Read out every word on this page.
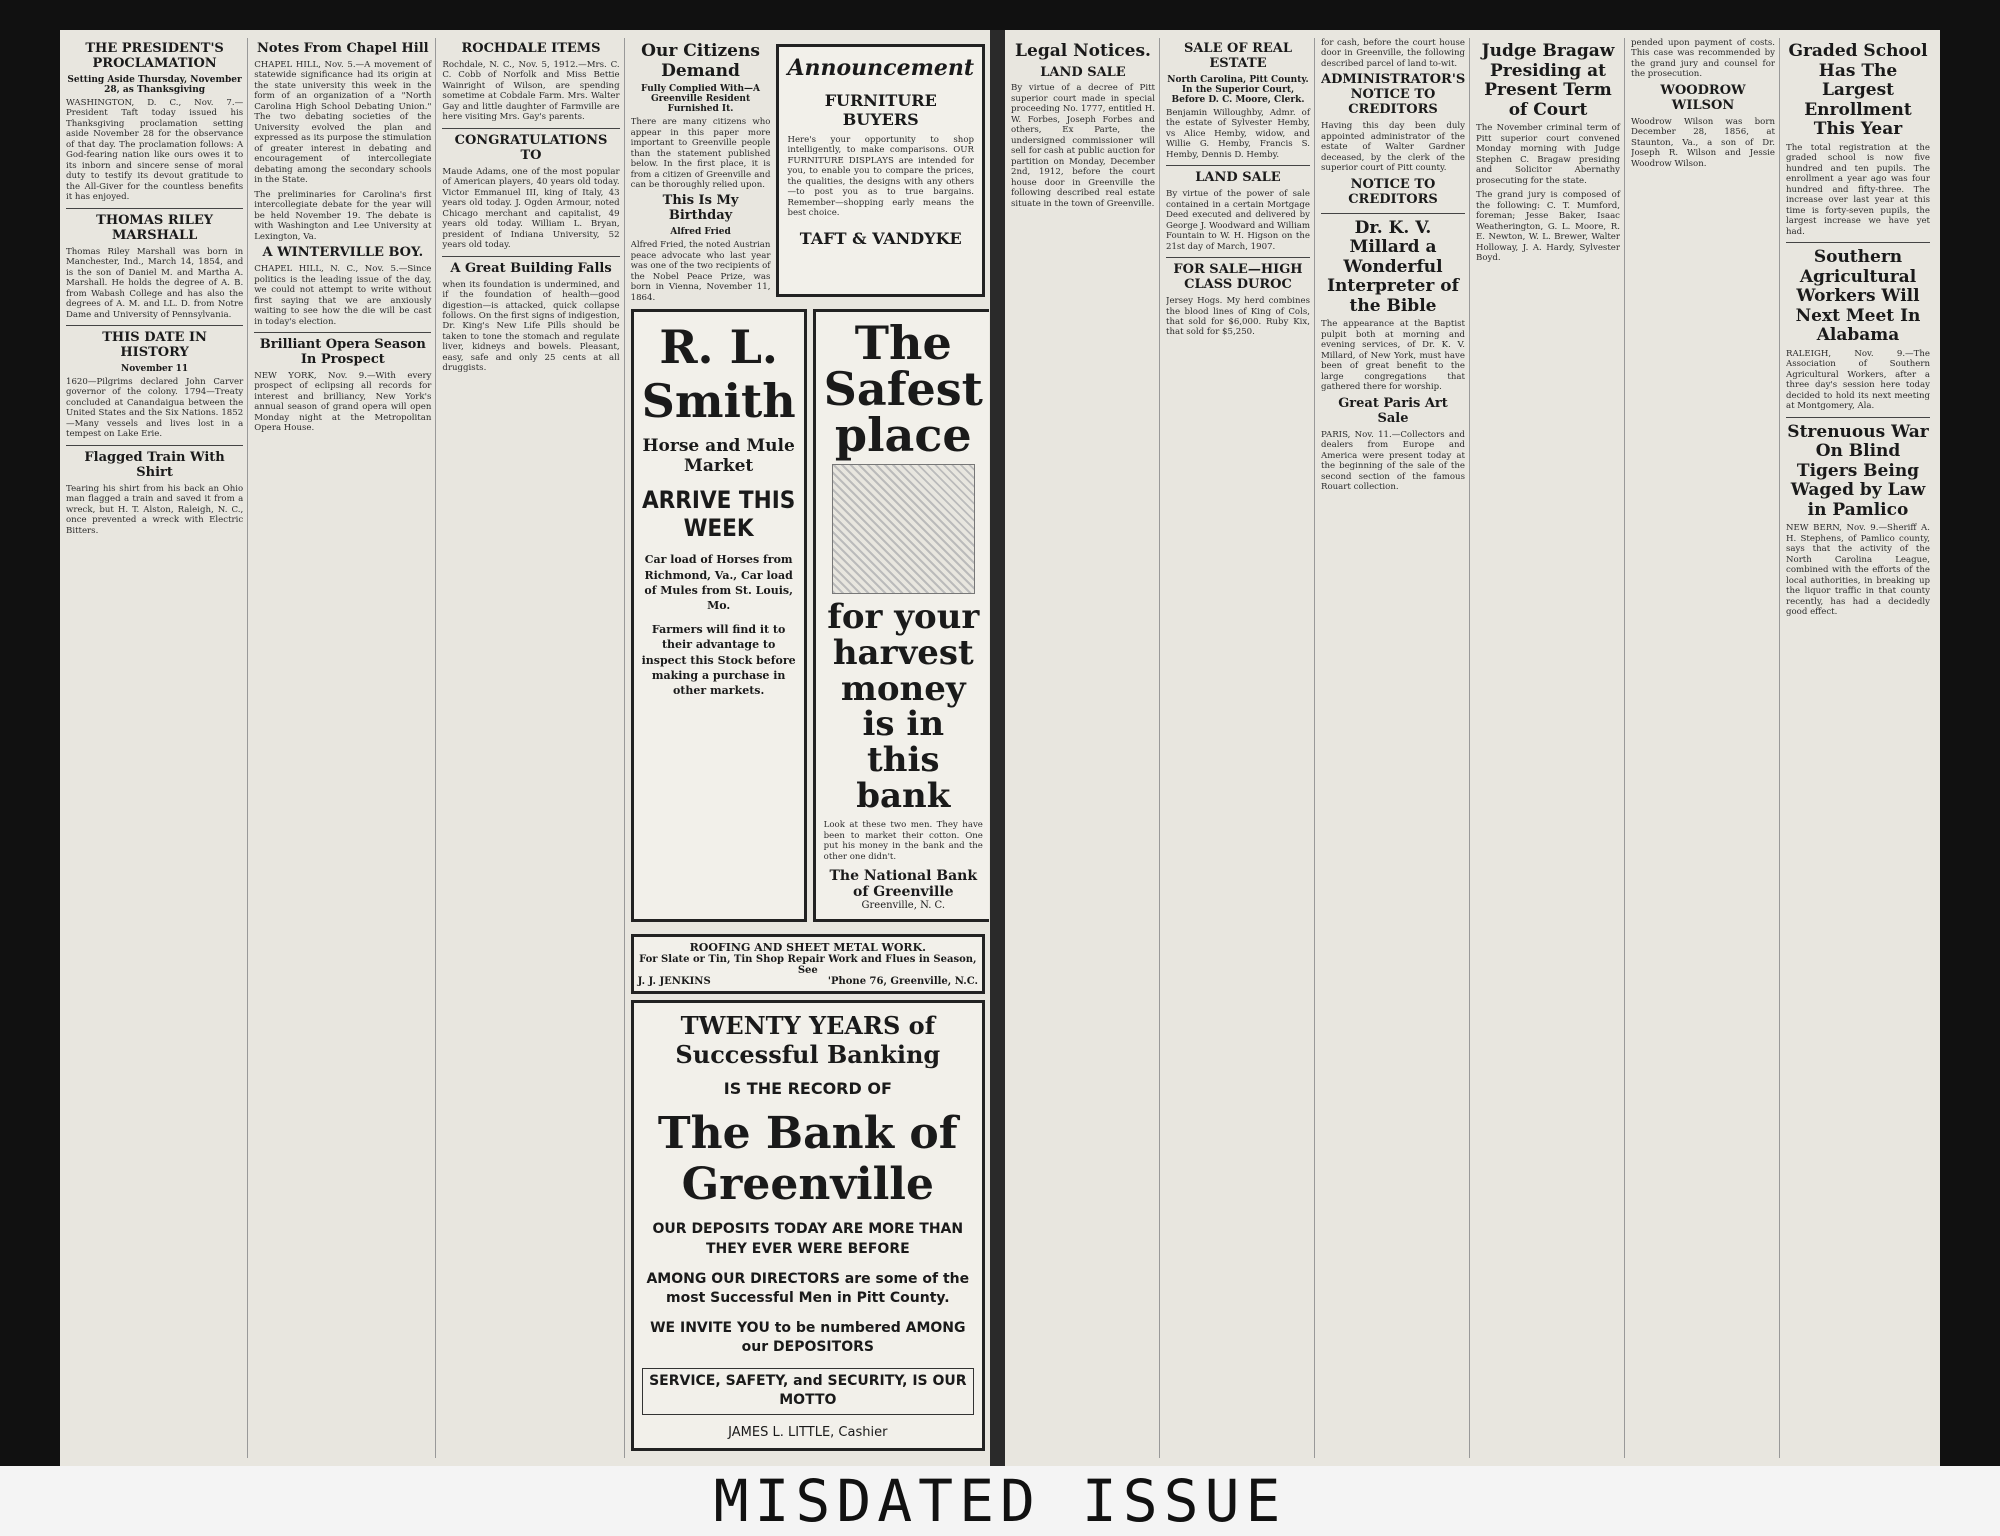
THE PRESIDENT'S PROCLAMATION
Setting Aside Thursday, November 28, as Thanksgiving
WASHINGTON, D. C., Nov. 7.—President Taft today issued his Thanksgiving proclamation setting aside November 28 for the observance of that day. The proclamation follows: A God-fearing nation like ours owes it to its inborn and sincere sense of moral duty to testify its devout gratitude to the All-Giver for the countless benefits it has enjoyed.
THOMAS RILEY MARSHALL
Thomas Riley Marshall was born in Manchester, Ind., March 14, 1854, and is the son of Daniel M. and Martha A. Marshall. He holds the degree of A. B. from Wabash College and has also the degrees of A. M. and LL. D. from Notre Dame and University of Pennsylvania.
THIS DATE IN HISTORY
November 11
1620—Pilgrims declared John Carver governor of the colony. 1794—Treaty concluded at Canandaigua between the United States and the Six Nations. 1852—Many vessels and lives lost in a tempest on Lake Erie.
Flagged Train With Shirt
Tearing his shirt from his back an Ohio man flagged a train and saved it from a wreck, but H. T. Alston, Raleigh, N. C., once prevented a wreck with Electric Bitters.
Notes From Chapel Hill
CHAPEL HILL, Nov. 5.—A movement of statewide significance had its origin at the state university this week in the form of an organization of a "North Carolina High School Debating Union." The two debating societies of the University evolved the plan and expressed as its purpose the stimulation of greater interest in debating and encouragement of intercollegiate debating among the secondary schools in the State.
The preliminaries for Carolina's first intercollegiate debate for the year will be held November 19. The debate is with Washington and Lee University at Lexington, Va.
A WINTERVILLE BOY.
CHAPEL HILL, N. C., Nov. 5.—Since politics is the leading issue of the day, we could not attempt to write without first saying that we are anxiously waiting to see how the die will be cast in today's election.
Brilliant Opera Season In Prospect
NEW YORK, Nov. 9.—With every prospect of eclipsing all records for interest and brilliancy, New York's annual season of grand opera will open Monday night at the Metropolitan Opera House.
ROCHDALE ITEMS
Rochdale, N. C., Nov. 5, 1912.—Mrs. C. C. Cobb of Norfolk and Miss Bettie Wainright of Wilson, are spending sometime at Cobdale Farm. Mrs. Walter Gay and little daughter of Farmville are here visiting Mrs. Gay's parents.
CONGRATULATIONS TO
Maude Adams, one of the most popular of American players, 40 years old today. Victor Emmanuel III, king of Italy, 43 years old today. J. Ogden Armour, noted Chicago merchant and capitalist, 49 years old today. William L. Bryan, president of Indiana University, 52 years old today.
A Great Building Falls
when its foundation is undermined, and if the foundation of health—good digestion—is attacked, quick collapse follows. On the first signs of indigestion, Dr. King's New Life Pills should be taken to tone the stomach and regulate liver, kidneys and bowels. Pleasant, easy, safe and only 25 cents at all druggists.
Our Citizens Demand
Fully Complied With—A Greenville Resident Furnished It.
There are many citizens who appear in this paper more important to Greenville people than the statement published below. In the first place, it is from a citizen of Greenville and can be thoroughly relied upon.
This Is My Birthday
Alfred Fried
Alfred Fried, the noted Austrian peace advocate who last year was one of the two recipients of the Nobel Peace Prize, was born in Vienna, November 11, 1864.
Announcement
FURNITURE BUYERS
Here's your opportunity to shop intelligently, to make comparisons. OUR FURNITURE DISPLAYS are intended for you, to enable you to compare the prices, the qualities, the designs with any others—to post you as to true bargains. Remember—shopping early means the best choice.
TAFT & VANDYKE
R. L. Smith
Horse and Mule Market
ARRIVE THIS WEEK
Car load of Horses from Richmond, Va., Car load of Mules from St. Louis, Mo.
Farmers will find it to their advantage to inspect this Stock before making a purchase in other markets.
The Safest place
for your harvest money is in this bank
Look at these two men. They have been to market their cotton. One put his money in the bank and the other one didn't.
The National Bank of Greenville
Greenville, N. C.
ROOFING AND SHEET METAL WORK.
For Slate or Tin, Tin Shop Repair Work and Flues in Season, See
J. J. JENKINS	'Phone 76, Greenville, N.C.
TWENTY YEARS of Successful Banking
IS THE RECORD OF
The Bank of Greenville
OUR DEPOSITS TODAY ARE MORE THAN THEY EVER WERE BEFORE
AMONG OUR DIRECTORS are some of the most Successful Men in Pitt County.
WE INVITE YOU to be numbered AMONG our DEPOSITORS
SERVICE, SAFETY, and SECURITY, IS OUR MOTTO
JAMES L. LITTLE, Cashier
Legal Notices.
LAND SALE
By virtue of a decree of Pitt superior court made in special proceeding No. 1777, entitled H. W. Forbes, Joseph Forbes and others, Ex Parte, the undersigned commissioner will sell for cash at public auction for partition on Monday, December 2nd, 1912, before the court house door in Greenville the following described real estate situate in the town of Greenville.
SALE OF REAL ESTATE
North Carolina, Pitt County. In the Superior Court, Before D. C. Moore, Clerk.
Benjamin Willoughby, Admr. of the estate of Sylvester Hemby, vs Alice Hemby, widow, and Willie G. Hemby, Francis S. Hemby, Dennis D. Hemby.
LAND SALE
By virtue of the power of sale contained in a certain Mortgage Deed executed and delivered by George J. Woodward and William Fountain to W. H. Higson on the 21st day of March, 1907.
FOR SALE—HIGH CLASS DUROC
Jersey Hogs. My herd combines the blood lines of King of Cols, that sold for $6,000. Ruby Kix, that sold for $5,250.
for cash, before the court house door in Greenville, the following described parcel of land to-wit.
ADMINISTRATOR'S NOTICE TO CREDITORS
Having this day been duly appointed administrator of the estate of Walter Gardner deceased, by the clerk of the superior court of Pitt county.
NOTICE TO CREDITORS
Dr. K. V. Millard a Wonderful Interpreter of the Bible
The appearance at the Baptist pulpit both at morning and evening services, of Dr. K. V. Millard, of New York, must have been of great benefit to the large congregations that gathered there for worship.
Great Paris Art Sale
PARIS, Nov. 11.—Collectors and dealers from Europe and America were present today at the beginning of the sale of the second section of the famous Rouart collection.
Judge Bragaw Presiding at Present Term of Court
The November criminal term of Pitt superior court convened Monday morning with Judge Stephen C. Bragaw presiding and Solicitor Abernathy prosecuting for the state.
The grand jury is composed of the following: C. T. Mumford, foreman; Jesse Baker, Isaac Weatherington, G. L. Moore, R. E. Newton, W. L. Brewer, Walter Holloway, J. A. Hardy, Sylvester Boyd.
pended upon payment of costs. This case was recommended by the grand jury and counsel for the prosecution.
WOODROW WILSON
Woodrow Wilson was born December 28, 1856, at Staunton, Va., a son of Dr. Joseph R. Wilson and Jessie Woodrow Wilson.
Graded School Has The Largest Enrollment This Year
The total registration at the graded school is now five hundred and ten pupils. The enrollment a year ago was four hundred and fifty-three. The increase over last year at this time is forty-seven pupils, the largest increase we have yet had.
Southern Agricultural Workers Will Next Meet In Alabama
RALEIGH, Nov. 9.—The Association of Southern Agricultural Workers, after a three day's session here today decided to hold its next meeting at Montgomery, Ala.
Strenuous War On Blind Tigers Being Waged by Law in Pamlico
NEW BERN, Nov. 9.—Sheriff A. H. Stephens, of Pamlico county, says that the activity of the North Carolina League, combined with the efforts of the local authorities, in breaking up the liquor traffic in that county recently, has had a decidedly good effect.
MISDATED ISSUE
